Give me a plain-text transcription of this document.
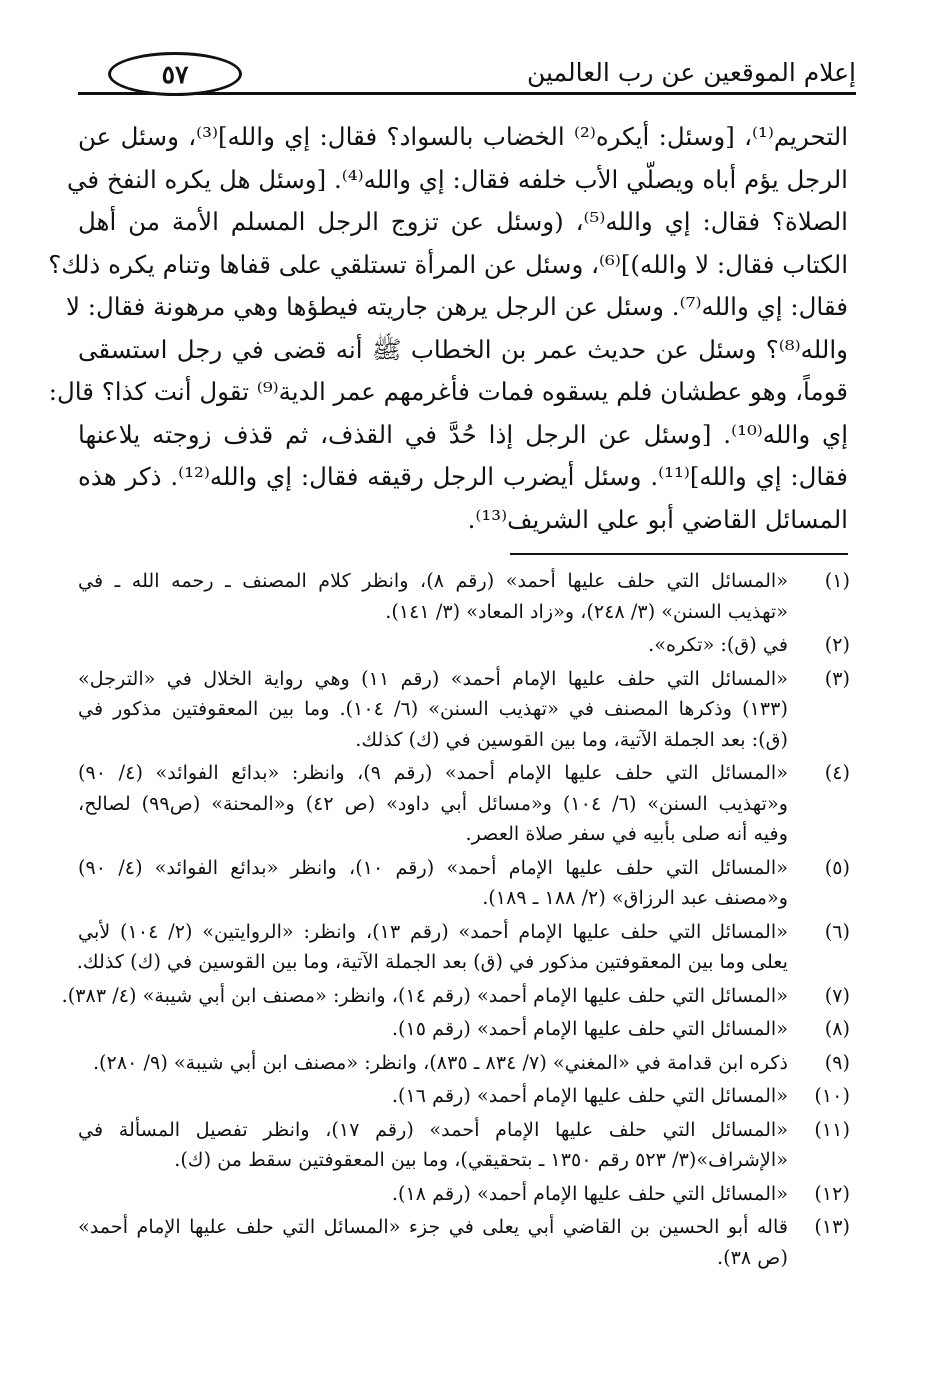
إعلام الموقعين عن رب العالمين
٥٧
التحريم⁽¹⁾، [وسئل: أيكره⁽²⁾ الخضاب بالسواد؟ فقال: إي والله]⁽³⁾، وسئل عن
الرجل يؤم أباه ويصلّي الأب خلفه فقال: إي والله⁽⁴⁾. [وسئل هل يكره النفخ في
الصلاة؟ فقال: إي والله⁽⁵⁾، (وسئل عن تزوج الرجل المسلم الأمة من أهل
الكتاب فقال: لا والله)]⁽⁶⁾، وسئل عن المرأة تستلقي على قفاها وتنام يكره ذلك؟
فقال: إي والله⁽⁷⁾. وسئل عن الرجل يرهن جاريته فيطؤها وهي مرهونة فقال: لا
والله⁽⁸⁾؟ وسئل عن حديث عمر بن الخطاب ﷺ أنه قضى في رجل استسقى
قوماً، وهو عطشان فلم يسقوه فمات فأغرمهم عمر الدية⁽⁹⁾ تقول أنت كذا؟ قال:
إي والله⁽¹⁰⁾. [وسئل عن الرجل إذا حُدَّ في القذف، ثم قذف زوجته يلاعنها
فقال: إي والله]⁽¹¹⁾. وسئل أيضرب الرجل رقيقه فقال: إي والله⁽¹²⁾. ذكر هذه
المسائل القاضي أبو علي الشريف⁽¹³⁾.
(١)
«المسائل التي حلف عليها أحمد» (رقم ٨)، وانظر كلام المصنف ـ رحمه الله ـ في
«تهذيب السنن» (٣/ ٢٤٨)، و«زاد المعاد» (٣/ ١٤١).
(٢)
في (ق): «تكره».
(٣)
«المسائل التي حلف عليها الإمام أحمد» (رقم ١١) وهي رواية الخلال في «الترجل»
(١٣٣) وذكرها المصنف في «تهذيب السنن» (٦/ ١٠٤). وما بين المعقوفتين مذكور في
(ق): بعد الجملة الآتية، وما بين القوسين في (ك) كذلك.
(٤)
«المسائل التي حلف عليها الإمام أحمد» (رقم ٩)، وانظر: «بدائع الفوائد» (٤/ ٩٠)
و«تهذيب السنن» (٦/ ١٠٤) و«مسائل أبي داود» (ص ٤٢) و«المحنة» (ص٩٩) لصالح،
وفيه أنه صلى بأبيه في سفر صلاة العصر.
(٥)
«المسائل التي حلف عليها الإمام أحمد» (رقم ١٠)، وانظر «بدائع الفوائد» (٤/ ٩٠)
و«مصنف عبد الرزاق» (٢/ ١٨٨ ـ ١٨٩).
(٦)
«المسائل التي حلف عليها الإمام أحمد» (رقم ١٣)، وانظر: «الروايتين» (٢/ ١٠٤) لأبي
يعلى وما بين المعقوفتين مذكور في (ق) بعد الجملة الآتية، وما بين القوسين في (ك) كذلك.
(٧)
«المسائل التي حلف عليها الإمام أحمد» (رقم ١٤)، وانظر: «مصنف ابن أبي شيبة» (٤/ ٣٨٣).
(٨)
«المسائل التي حلف عليها الإمام أحمد» (رقم ١٥).
(٩)
ذكره ابن قدامة في «المغني» (٧/ ٨٣٤ ـ ٨٣٥)، وانظر: «مصنف ابن أبي شيبة» (٩/ ٢٨٠).
(١٠)
«المسائل التي حلف عليها الإمام أحمد» (رقم ١٦).
(١١)
«المسائل التي حلف عليها الإمام أحمد» (رقم ١٧)، وانظر تفصيل المسألة في
«الإشراف»(٣/ ٥٢٣ رقم ١٣٥٠ ـ بتحقيقي)، وما بين المعقوفتين سقط من (ك).
(١٢)
«المسائل التي حلف عليها الإمام أحمد» (رقم ١٨).
(١٣)
قاله أبو الحسين بن القاضي أبي يعلى في جزء «المسائل التي حلف عليها الإمام أحمد»
(ص ٣٨).
